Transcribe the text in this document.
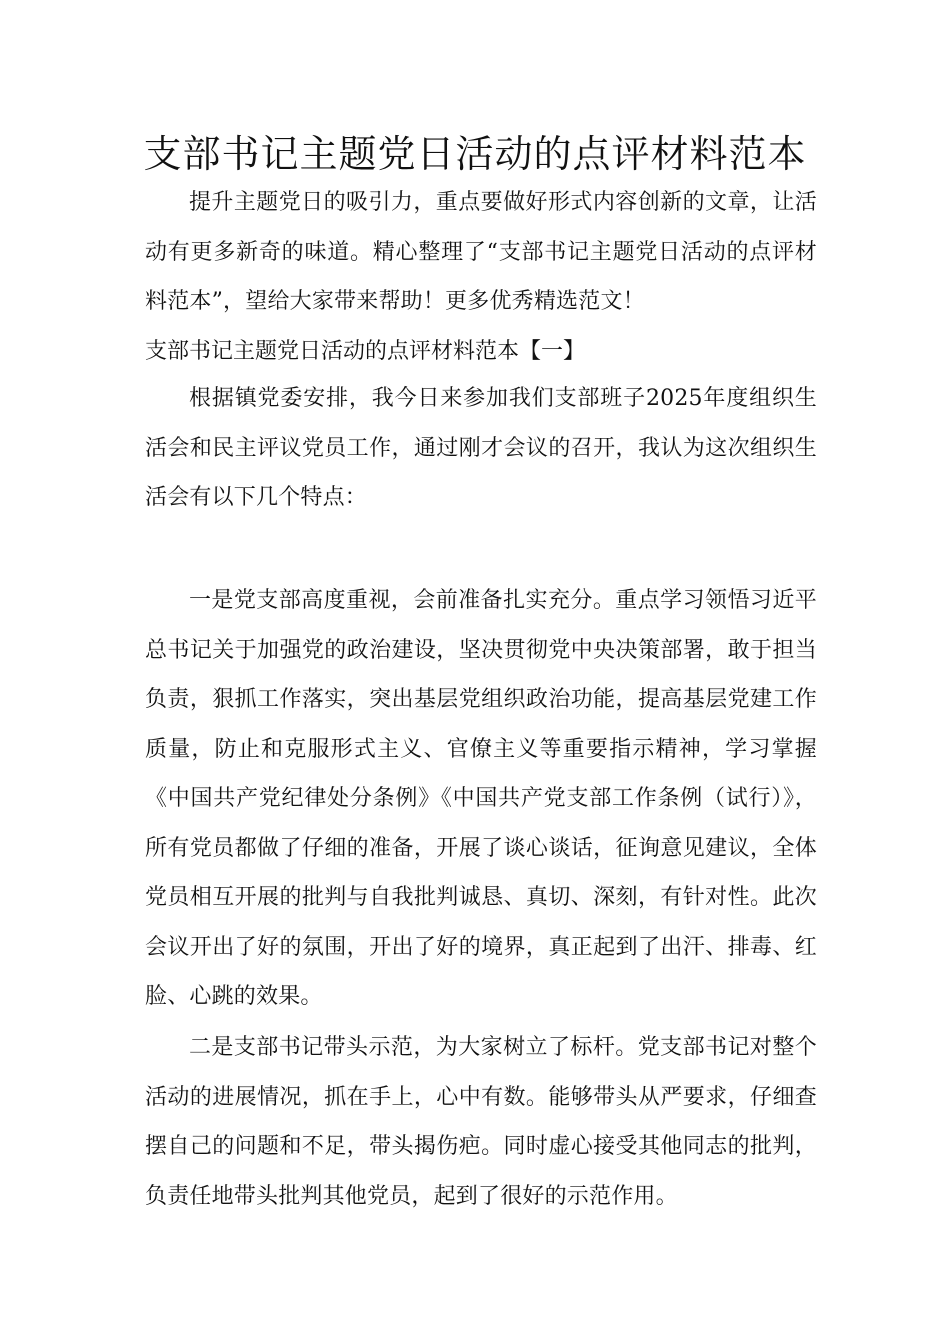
支部书记主题党日活动的点评材料范本

提升主题党日的吸引力，重点要做好形式内容创新的文章，让活动有更多新奇的味道。精心整理了“支部书记主题党日活动的点评材料范本”，望给大家带来帮助！更多优秀精选范文！

支部书记主题党日活动的点评材料范本【一】

根据镇党委安排，我今日来参加我们支部班子2025年度组织生活会和民主评议党员工作，通过刚才会议的召开，我认为这次组织生活会有以下几个特点：

一是党支部高度重视，会前准备扎实充分。重点学习领悟习近平总书记关于加强党的政治建设，坚决贯彻党中央决策部署，敢于担当负责，狠抓工作落实，突出基层党组织政治功能，提高基层党建工作质量，防止和克服形式主义、官僚主义等重要指示精神，学习掌握《中国共产党纪律处分条例》《中国共产党支部工作条例（试行）》，所有党员都做了仔细的准备，开展了谈心谈话，征询意见建议，全体党员相互开展的批判与自我批判诚恳、真切、深刻，有针对性。此次会议开出了好的氛围，开出了好的境界，真正起到了出汗、排毒、红脸、心跳的效果。

二是支部书记带头示范，为大家树立了标杆。党支部书记对整个活动的进展情况，抓在手上，心中有数。能够带头从严要求，仔细查摆自己的问题和不足，带头揭伤疤。同时虚心接受其他同志的批判，负责任地带头批判其他党员，起到了很好的示范作用。
